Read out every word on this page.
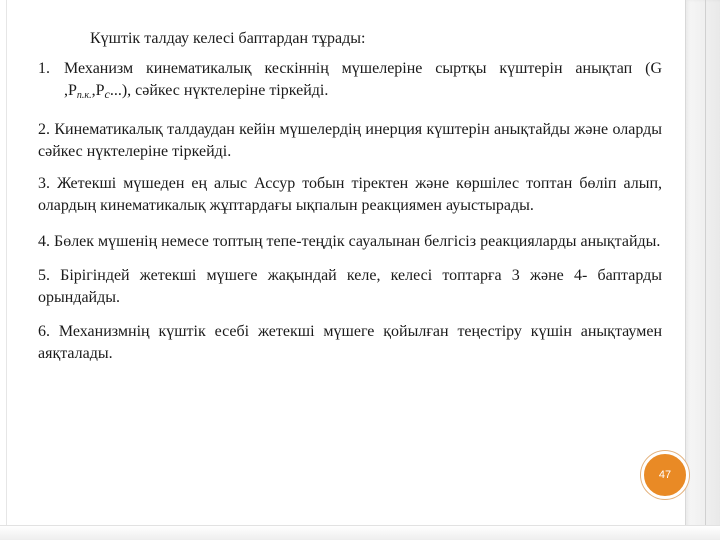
Күштік талдау келесі баптардан тұрады:
1. Механизм кинематикалық кескіннің мүшелеріне сыртқы күштерін анықтап (G $,P_{п.к.},Pc$...), сәйкес нүктелеріне тіркейді.
2. Кинематикалық талдаудан кейін мүшелердің инерция күштерін анықтайды және оларды сәйкес нүктелеріне тіркейді.
3. Жетекші мүшеден ең алыс Ассур тобын тіректен және көршілес топтан бөліп алып, олардың кинематикалық жұптардағы ықпалын реакциямен ауыстырады.
4. Бөлек мүшенің немесе топтың тепе-теңдік сауалынан белгісіз реакцияларды анықтайды.
5. Бірігіндей жетекші мүшеге жақындай келе, келесі топтарға 3 және 4- баптарды орындайды.
6. Механизмнің күштік есебі жетекші мүшеге қойылған теңестіру күшін анықтаумен аяқталады.
47
